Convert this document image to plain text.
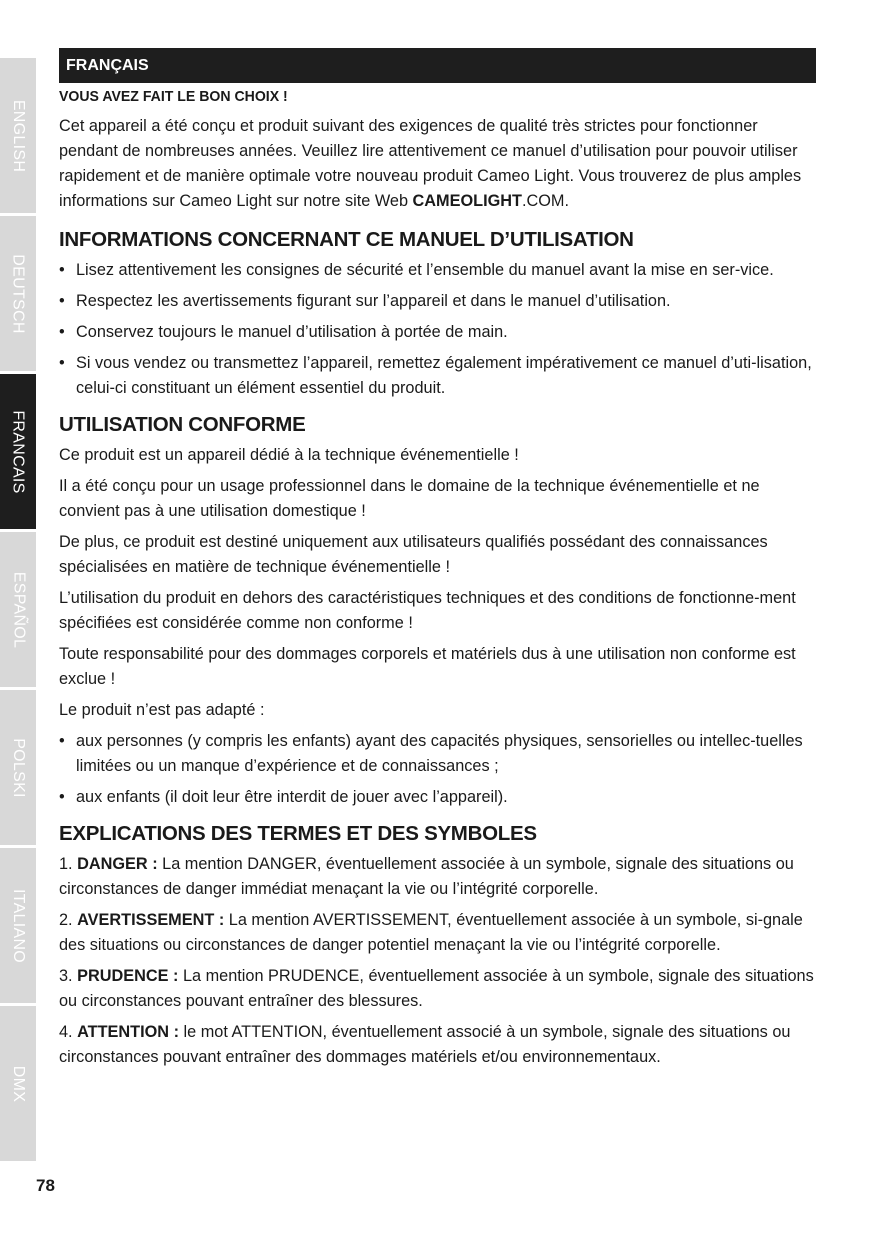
ENGLISH
DEUTSCH
FRANCAIS
ESPAÑOL
POLSKI
ITALIANO
DMX
78
FRANÇAIS
VOUS AVEZ FAIT LE BON CHOIX !

Cet appareil a été conçu et produit suivant des exigences de qualité très strictes pour fonctionner pendant de nombreuses années. Veuillez lire attentivement ce manuel d’utilisation pour pouvoir utiliser rapidement et de manière optimale votre nouveau produit Cameo Light. Vous trouverez de plus amples informations sur Cameo Light sur notre site Web CAMEOLIGHT.COM.

INFORMATIONS CONCERNANT CE MANUEL D’UTILISATION
• Lisez attentivement les consignes de sécurité et l’ensemble du manuel avant la mise en ser-vice.
• Respectez les avertissements figurant sur l’appareil et dans le manuel d’utilisation.
• Conservez toujours le manuel d’utilisation à portée de main.
• Si vous vendez ou transmettez l’appareil, remettez également impérativement ce manuel d’uti-lisation, celui-ci constituant un élément essentiel du produit.
UTILISATION CONFORME

Ce produit est un appareil dédié à la technique événementielle !

Il a été conçu pour un usage professionnel dans le domaine de la technique événementielle et ne convient pas à une utilisation domestique !

De plus, ce produit est destiné uniquement aux utilisateurs qualifiés possédant des connaissances spécialisées en matière de technique événementielle !

L’utilisation du produit en dehors des caractéristiques techniques et des conditions de fonctionne-ment spécifiées est considérée comme non conforme !

Toute responsabilité pour des dommages corporels et matériels dus à une utilisation non conforme est exclue !

Le produit n’est pas adapté :

• aux personnes (y compris les enfants) ayant des capacités physiques, sensorielles ou intellec-tuelles limitées ou un manque d’expérience et de connaissances ;
• aux enfants (il doit leur être interdit de jouer avec l’appareil).
EXPLICATIONS DES TERMES ET DES SYMBOLES

1. DANGER : La mention DANGER, éventuellement associée à un symbole, signale des situations ou circonstances de danger immédiat menaçant la vie ou l’intégrité corporelle.

2. AVERTISSEMENT : La mention AVERTISSEMENT, éventuellement associée à un symbole, si-gnale des situations ou circonstances de danger potentiel menaçant la vie ou l’intégrité corporelle.

3. PRUDENCE : La mention PRUDENCE, éventuellement associée à un symbole, signale des situations ou circonstances pouvant entraîner des blessures.

4. ATTENTION : le mot ATTENTION, éventuellement associé à un symbole, signale des situations ou circonstances pouvant entraîner des dommages matériels et/ou environnementaux.
